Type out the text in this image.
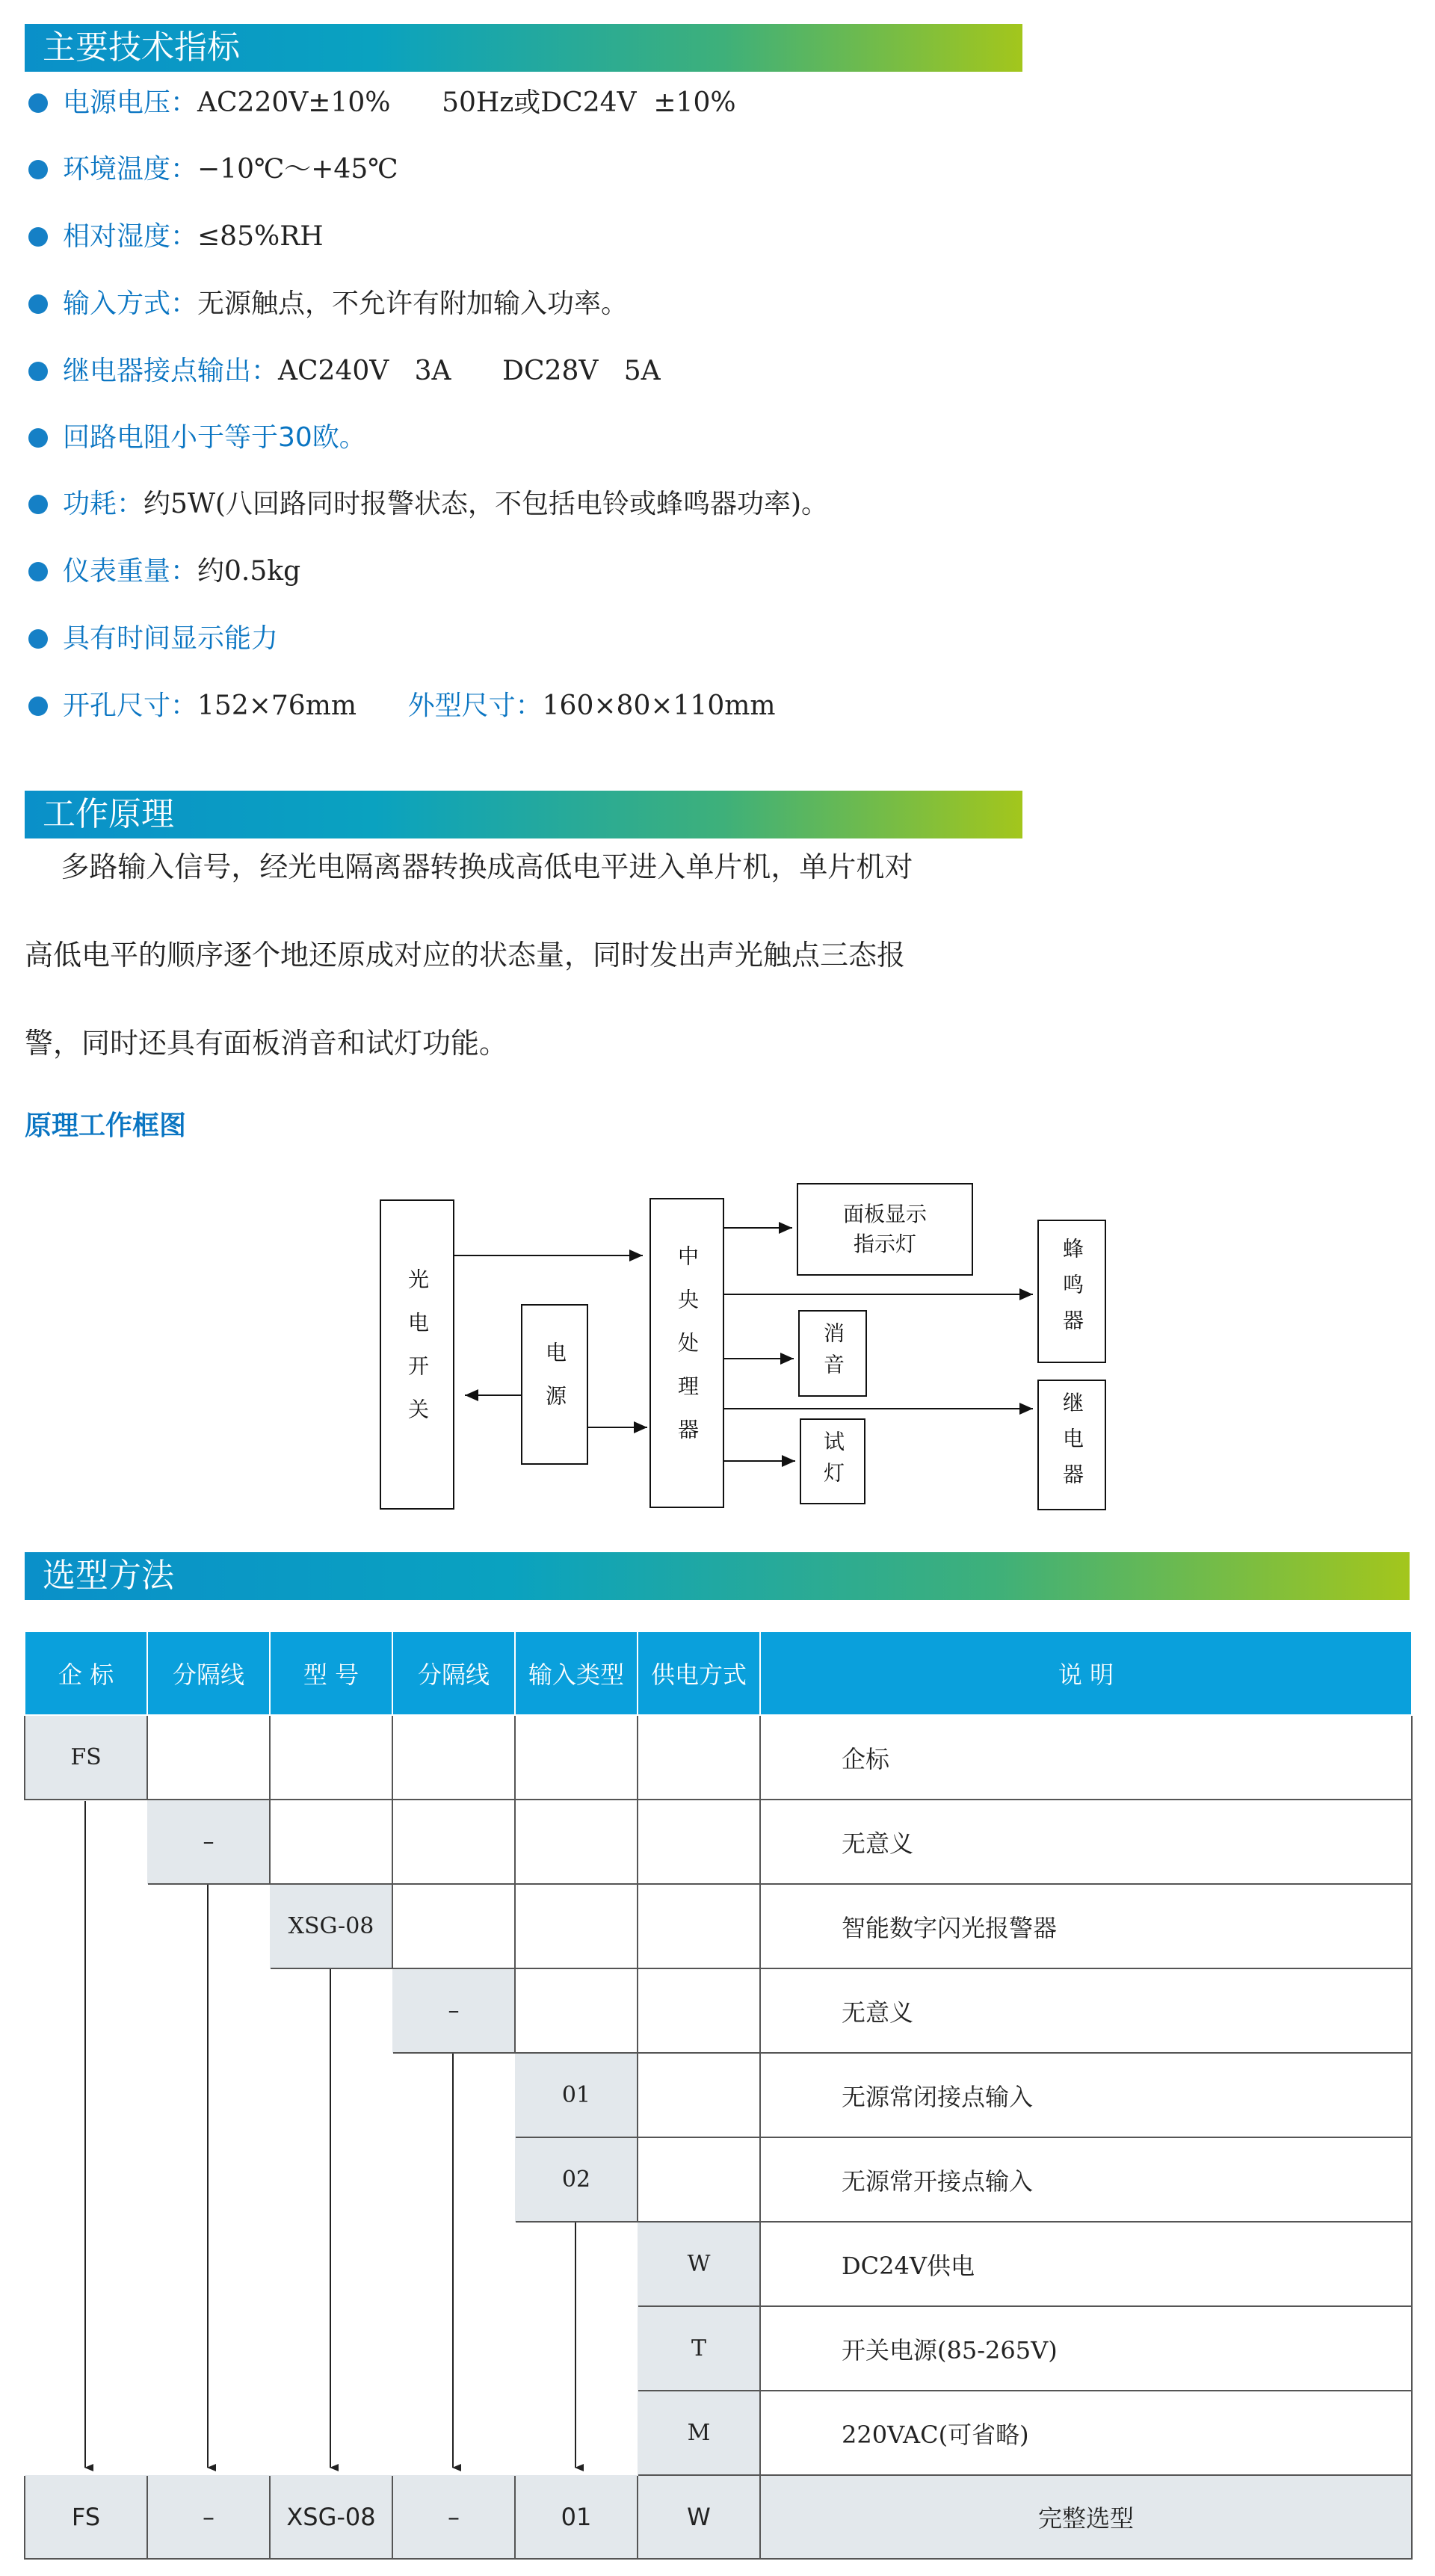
主要技术指标
电源电压：AC220V±10%      50Hz或DC24V  ±10%
环境温度：−10℃～+45℃
相对湿度：≤85%RH
输入方式：无源触点，不允许有附加输入功率。
继电器接点输出：AC240V   3A      DC28V   5A
回路电阻小于等于30欧。
功耗：约5W(八回路同时报警状态，不包括电铃或蜂鸣器功率)。
仪表重量：约0.5kg
具有时间显示能力
开孔尺寸：152×76mm      外型尺寸：160×80×110mm
工作原理
多路输入信号，经光电隔离器转换成高低电平进入单片机，单片机对
高低电平的顺序逐个地还原成对应的状态量，同时发出声光触点三态报
警，同时还具有面板消音和试灯功能。
原理工作框图
光电开关	电源	中央处理器
面板显示
指示灯
消音
试灯
蜂鸣器
继电器
选型方法
企 标	分隔线	型 号	分隔线	输入类型	供电方式	说 明
FS						企标
	–					无意义
		XSG-08				智能数字闪光报警器
			–			无意义
				01		无源常闭接点输入
				02		无源常开接点输入
					W	DC24V供电
					T	开关电源(85-265V)
					M	220VAC(可省略)
FS	–	XSG-08	–	01	W	完整选型
